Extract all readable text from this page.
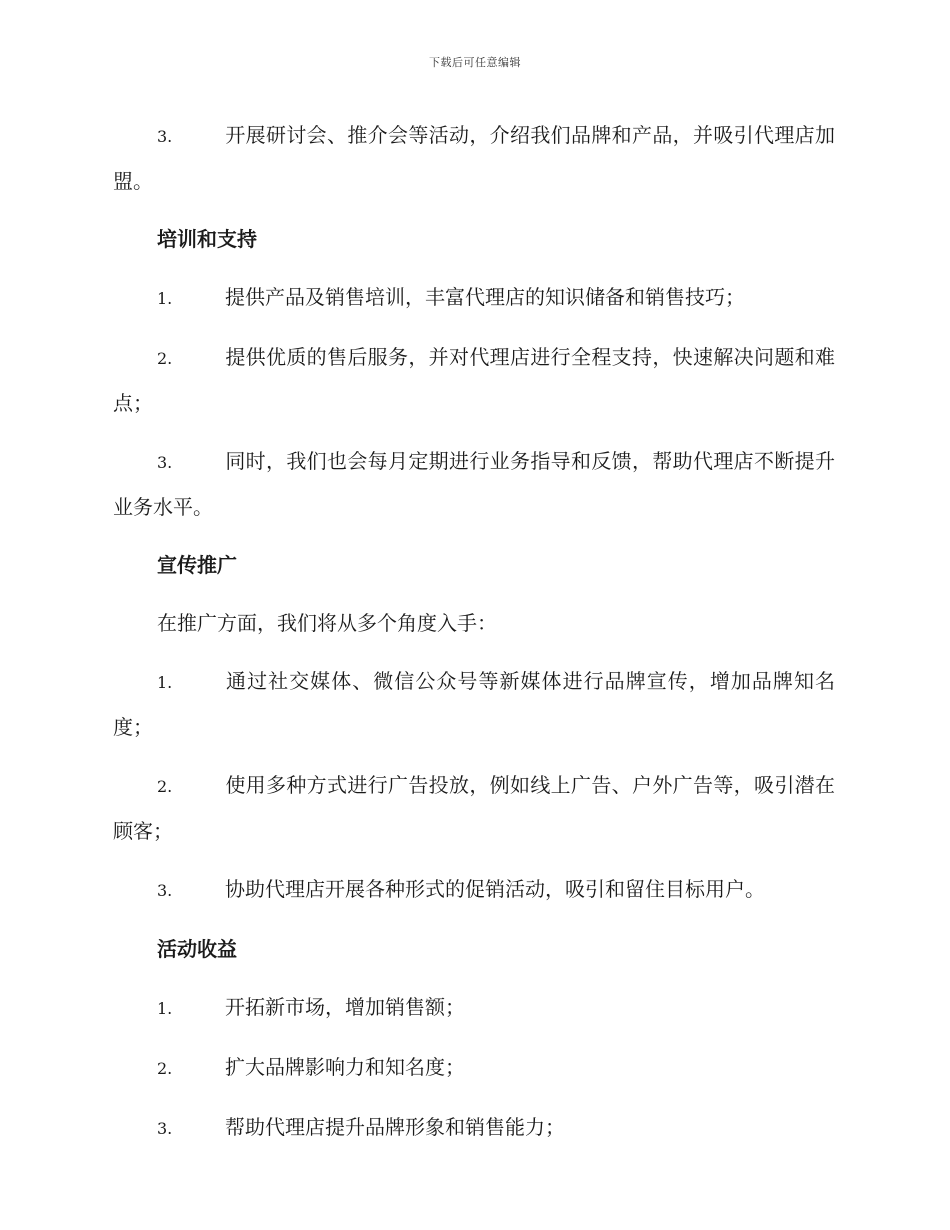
下载后可任意编辑

3.	开展研讨会、推介会等活动，介绍我们品牌和产品，并吸引代理店加盟。

培训和支持

1.	提供产品及销售培训，丰富代理店的知识储备和销售技巧；

2.	提供优质的售后服务，并对代理店进行全程支持，快速解决问题和难点；

3.	同时，我们也会每月定期进行业务指导和反馈，帮助代理店不断提升业务水平。

宣传推广

在推广方面，我们将从多个角度入手：

1.	通过社交媒体、微信公众号等新媒体进行品牌宣传，增加品牌知名度；

2.	使用多种方式进行广告投放，例如线上广告、户外广告等，吸引潜在顾客；

3.	协助代理店开展各种形式的促销活动，吸引和留住目标用户。

活动收益

1.	开拓新市场，增加销售额；

2.	扩大品牌影响力和知名度；

3.	帮助代理店提升品牌形象和销售能力；
